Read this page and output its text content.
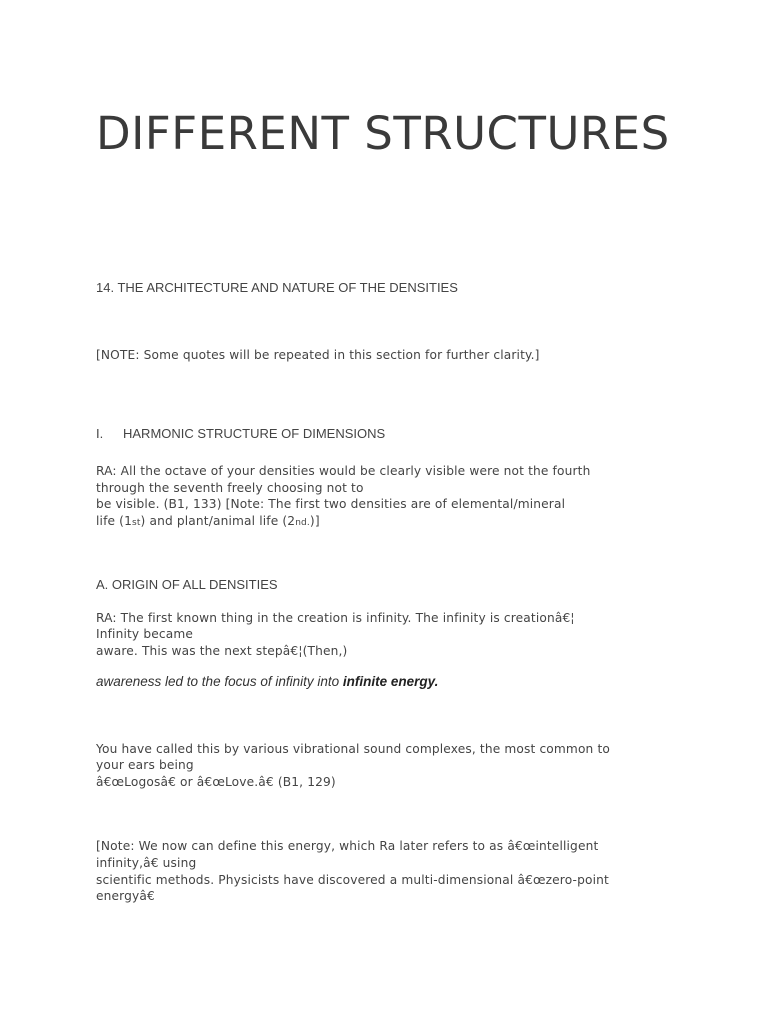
DIFFERENT STRUCTURES
14. THE ARCHITECTURE AND NATURE OF THE DENSITIES
[NOTE: Some quotes will be repeated in this section for further clarity.]
I. HARMONIC STRUCTURE OF DIMENSIONS
RA: All the octave of your densities would be clearly visible were not the fourth
through the seventh freely choosing not to
be visible. (B1, 133) [Note: The first two densities are of elemental/mineral
life (1st) and plant/animal life (2nd.)]
A. ORIGIN OF ALL DENSITIES
RA: The first known thing in the creation is infinity. The infinity is creationâ€¦
Infinity became
aware. This was the next stepâ€¦(Then,)
awareness led to the focus of infinity into infinite energy.
You have called this by various vibrational sound complexes, the most common to
your ears being
â€œLogosâ€ or â€œLove.â€ (B1, 129)
[Note: We now can define this energy, which Ra later refers to as â€œintelligent
infinity,â€ using
scientific methods. Physicists have discovered a multi-dimensional â€œzero-point
energyâ€
